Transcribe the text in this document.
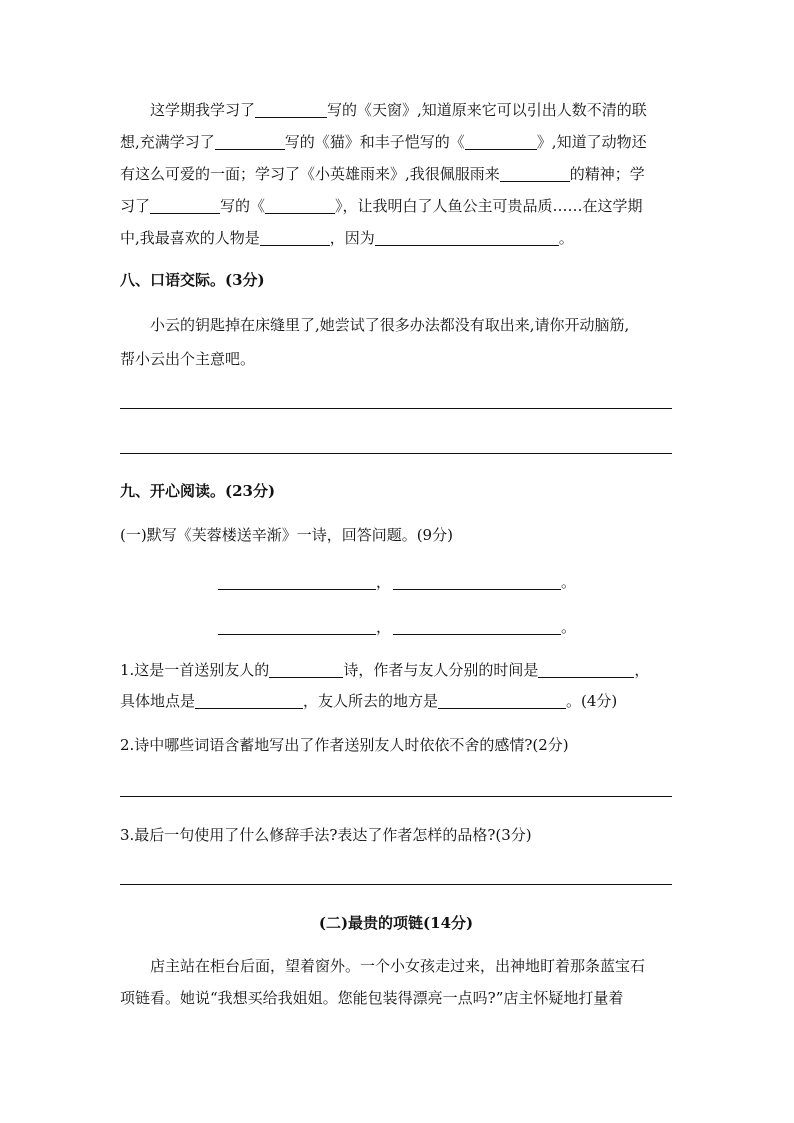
这学期我学习了	写的《天窗》,知道原来它可以引出人数不清的联
想,充满学习了	写的《猫》和丰子恺写的《	》,知道了动物还
有这么可爱的一面；学习了《小英雄雨来》,我很佩服雨来	的精神；学
习了	写的《	》，让我明白了人鱼公主可贵品质……在这学期
中,我最喜欢的人物是	，因为	。
八、口语交际。(3分)
小云的钥匙掉在床缝里了,她尝试了很多办法都没有取出来,请你开动脑筋,
帮小云出个主意吧。
九、开心阅读。(23分)
(一)默写《芙蓉楼送辛渐》一诗，回答问题。(9分)
，	。
，	。
1.这是一首送别友人的	诗，作者与友人分别的时间是	，
具体地点是	，友人所去的地方是	。(4分)
2.诗中哪些词语含蓄地写出了作者送别友人时依依不舍的感情?(2分)
3.最后一句使用了什么修辞手法?表达了作者怎样的品格?(3分)
(二)最贵的项链(14分)
店主站在柜台后面，望着窗外。一个小女孩走过来，出神地盯着那条蓝宝石
项链看。她说“我想买给我姐姐。您能包装得漂亮一点吗?”店主怀疑地打量着
